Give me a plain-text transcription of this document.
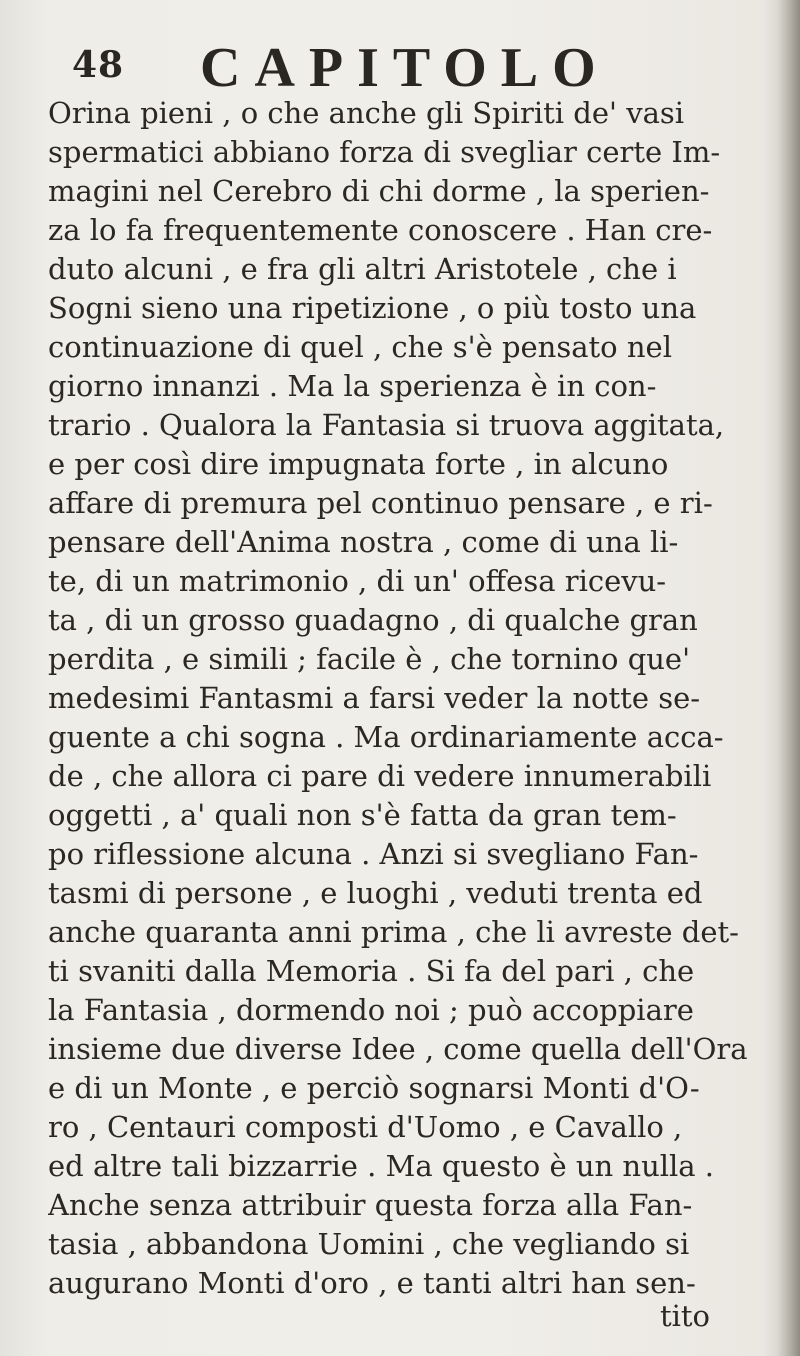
48 CAPITOLO
Orina pieni , o che anche gli Spiriti de' vasi
spermatici abbiano forza di svegliar certe Im-
magini nel Cerebro di chi dorme , la sperien-
za lo fa frequentemente conoscere . Han cre-
duto alcuni , e fra gli altri Aristotele , che i
Sogni sieno una ripetizione , o più tosto una
continuazione di quel , che s'è pensato nel
giorno innanzi . Ma la sperienza è in con-
trario . Qualora la Fantasia si truova aggitata,
e per così dire impugnata forte , in alcuno
affare di premura pel continuo pensare , e ri-
pensare dell'Anima nostra , come di una li-
te, di un matrimonio , di un' offesa ricevu-
ta , di un grosso guadagno , di qualche gran
perdita , e simili ; facile è , che tornino que'
medesimi Fantasmi a farsi veder la notte se-
guente a chi sogna . Ma ordinariamente acca-
de , che allora ci pare di vedere innumerabili
oggetti , a' quali non s'è fatta da gran tem-
po riflessione alcuna . Anzi si svegliano Fan-
tasmi di persone , e luoghi , veduti trenta ed
anche quaranta anni prima , che li avreste det-
ti svaniti dalla Memoria . Si fa del pari , che
la Fantasia , dormendo noi ; può accoppiare
insieme due diverse Idee , come quella dell'Ora
e di un Monte , e perciò sognarsi Monti d'O-
ro , Centauri composti d'Uomo , e Cavallo ,
ed altre tali bizzarrie . Ma questo è un nulla .
Anche senza attribuir questa forza alla Fan-
tasia , abbandona Uomini , che vegliando si
augurano Monti d'oro , e tanti altri han sen-
tito
